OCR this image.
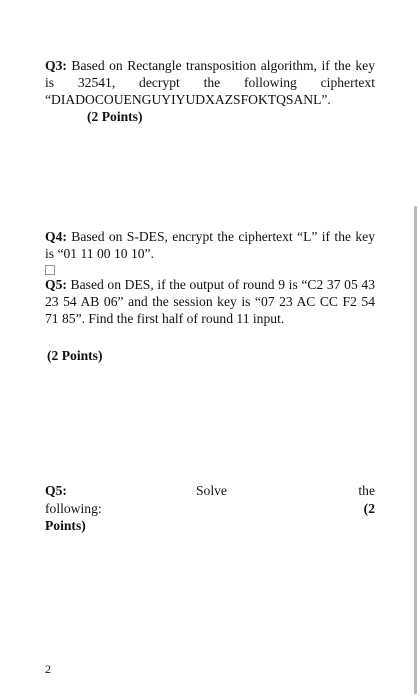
Q3: Based on Rectangle transposition algorithm, if the key is 32541, decrypt the following ciphertext “DIADOCOUENGUYIYUDXAZSFOKTQSANL”.
(2 Points)
Q4: Based on S-DES, encrypt the ciphertext “L” if the key is “01 11 00 10 10”.
Q5: Based on DES, if the output of round 9 is “C2 37 05 43 23 54 AB 06” and the session key is “07 23 AC CC F2 54 71 85”. Find the first half of round 11 input.
(2 Points)
Q5:	Solve	the
following:	(2
Points)
2
